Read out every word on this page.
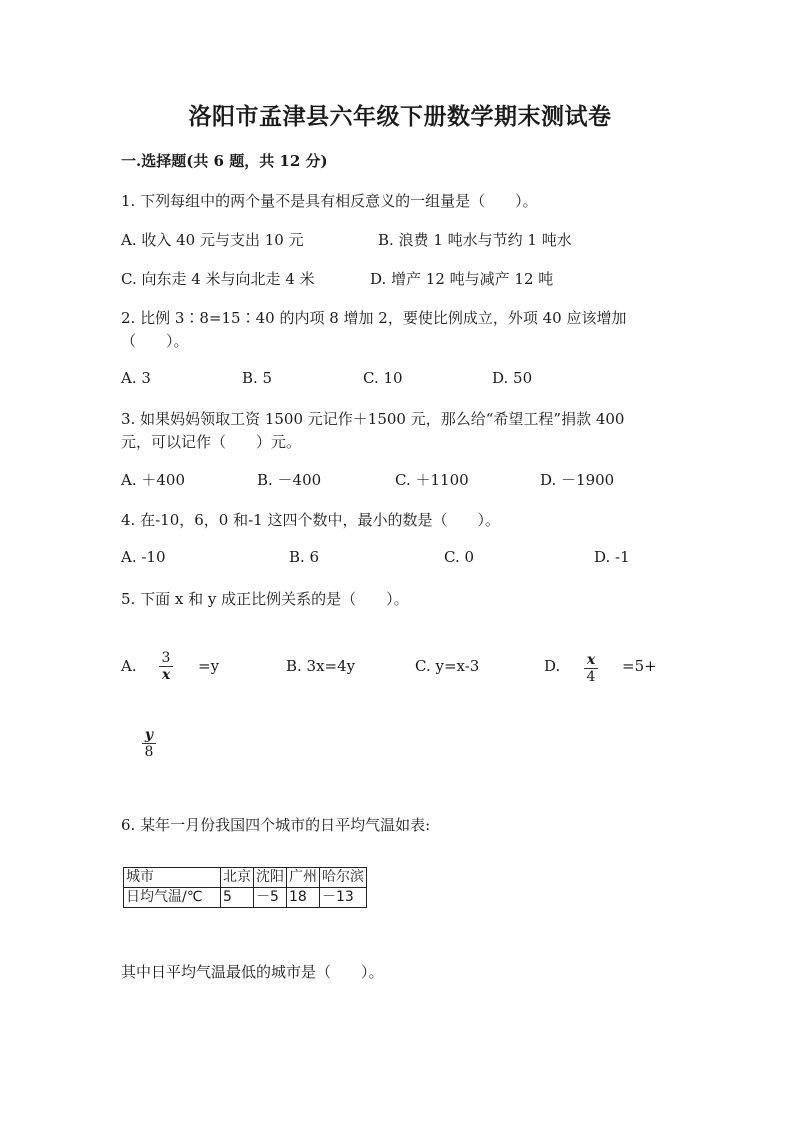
洛阳市孟津县六年级下册数学期末测试卷
一.选择题(共 6 题，共 12 分)
1. 下列每组中的两个量不是具有相反意义的一组量是（　　）。
A. 收入 40 元与支出 10 元	B. 浪费 1 吨水与节约 1 吨水
C. 向东走 4 米与向北走 4 米	D. 增产 12 吨与减产 12 吨
2. 比例 3∶8=15∶40 的内项 8 增加 2，要使比例成立，外项 40 应该增加
（　　）。
A. 3	B. 5	C. 10	D. 50
3. 如果妈妈领取工资 1500 元记作＋1500 元，那么给“希望工程”捐款 400
元，可以记作（　　）元。
A. ＋400	B. －400	C. ＋1100	D. －1900
4. 在-10，6，0 和-1 这四个数中，最小的数是（　　）。
A. -10	B. 6	C. 0	D. -1
5. 下面 x 和 y 成正比例关系的是（　　）。
A. 3
x =y	B. 3x=4y	C. y=x-3	D. x
4
=5+
y
8
6. 某年一月份我国四个城市的日平均气温如表:
城市	北京	沈阳	广州	哈尔滨
日均气温/℃	5	－5	18	－13
其中日平均气温最低的城市是（　　）。
